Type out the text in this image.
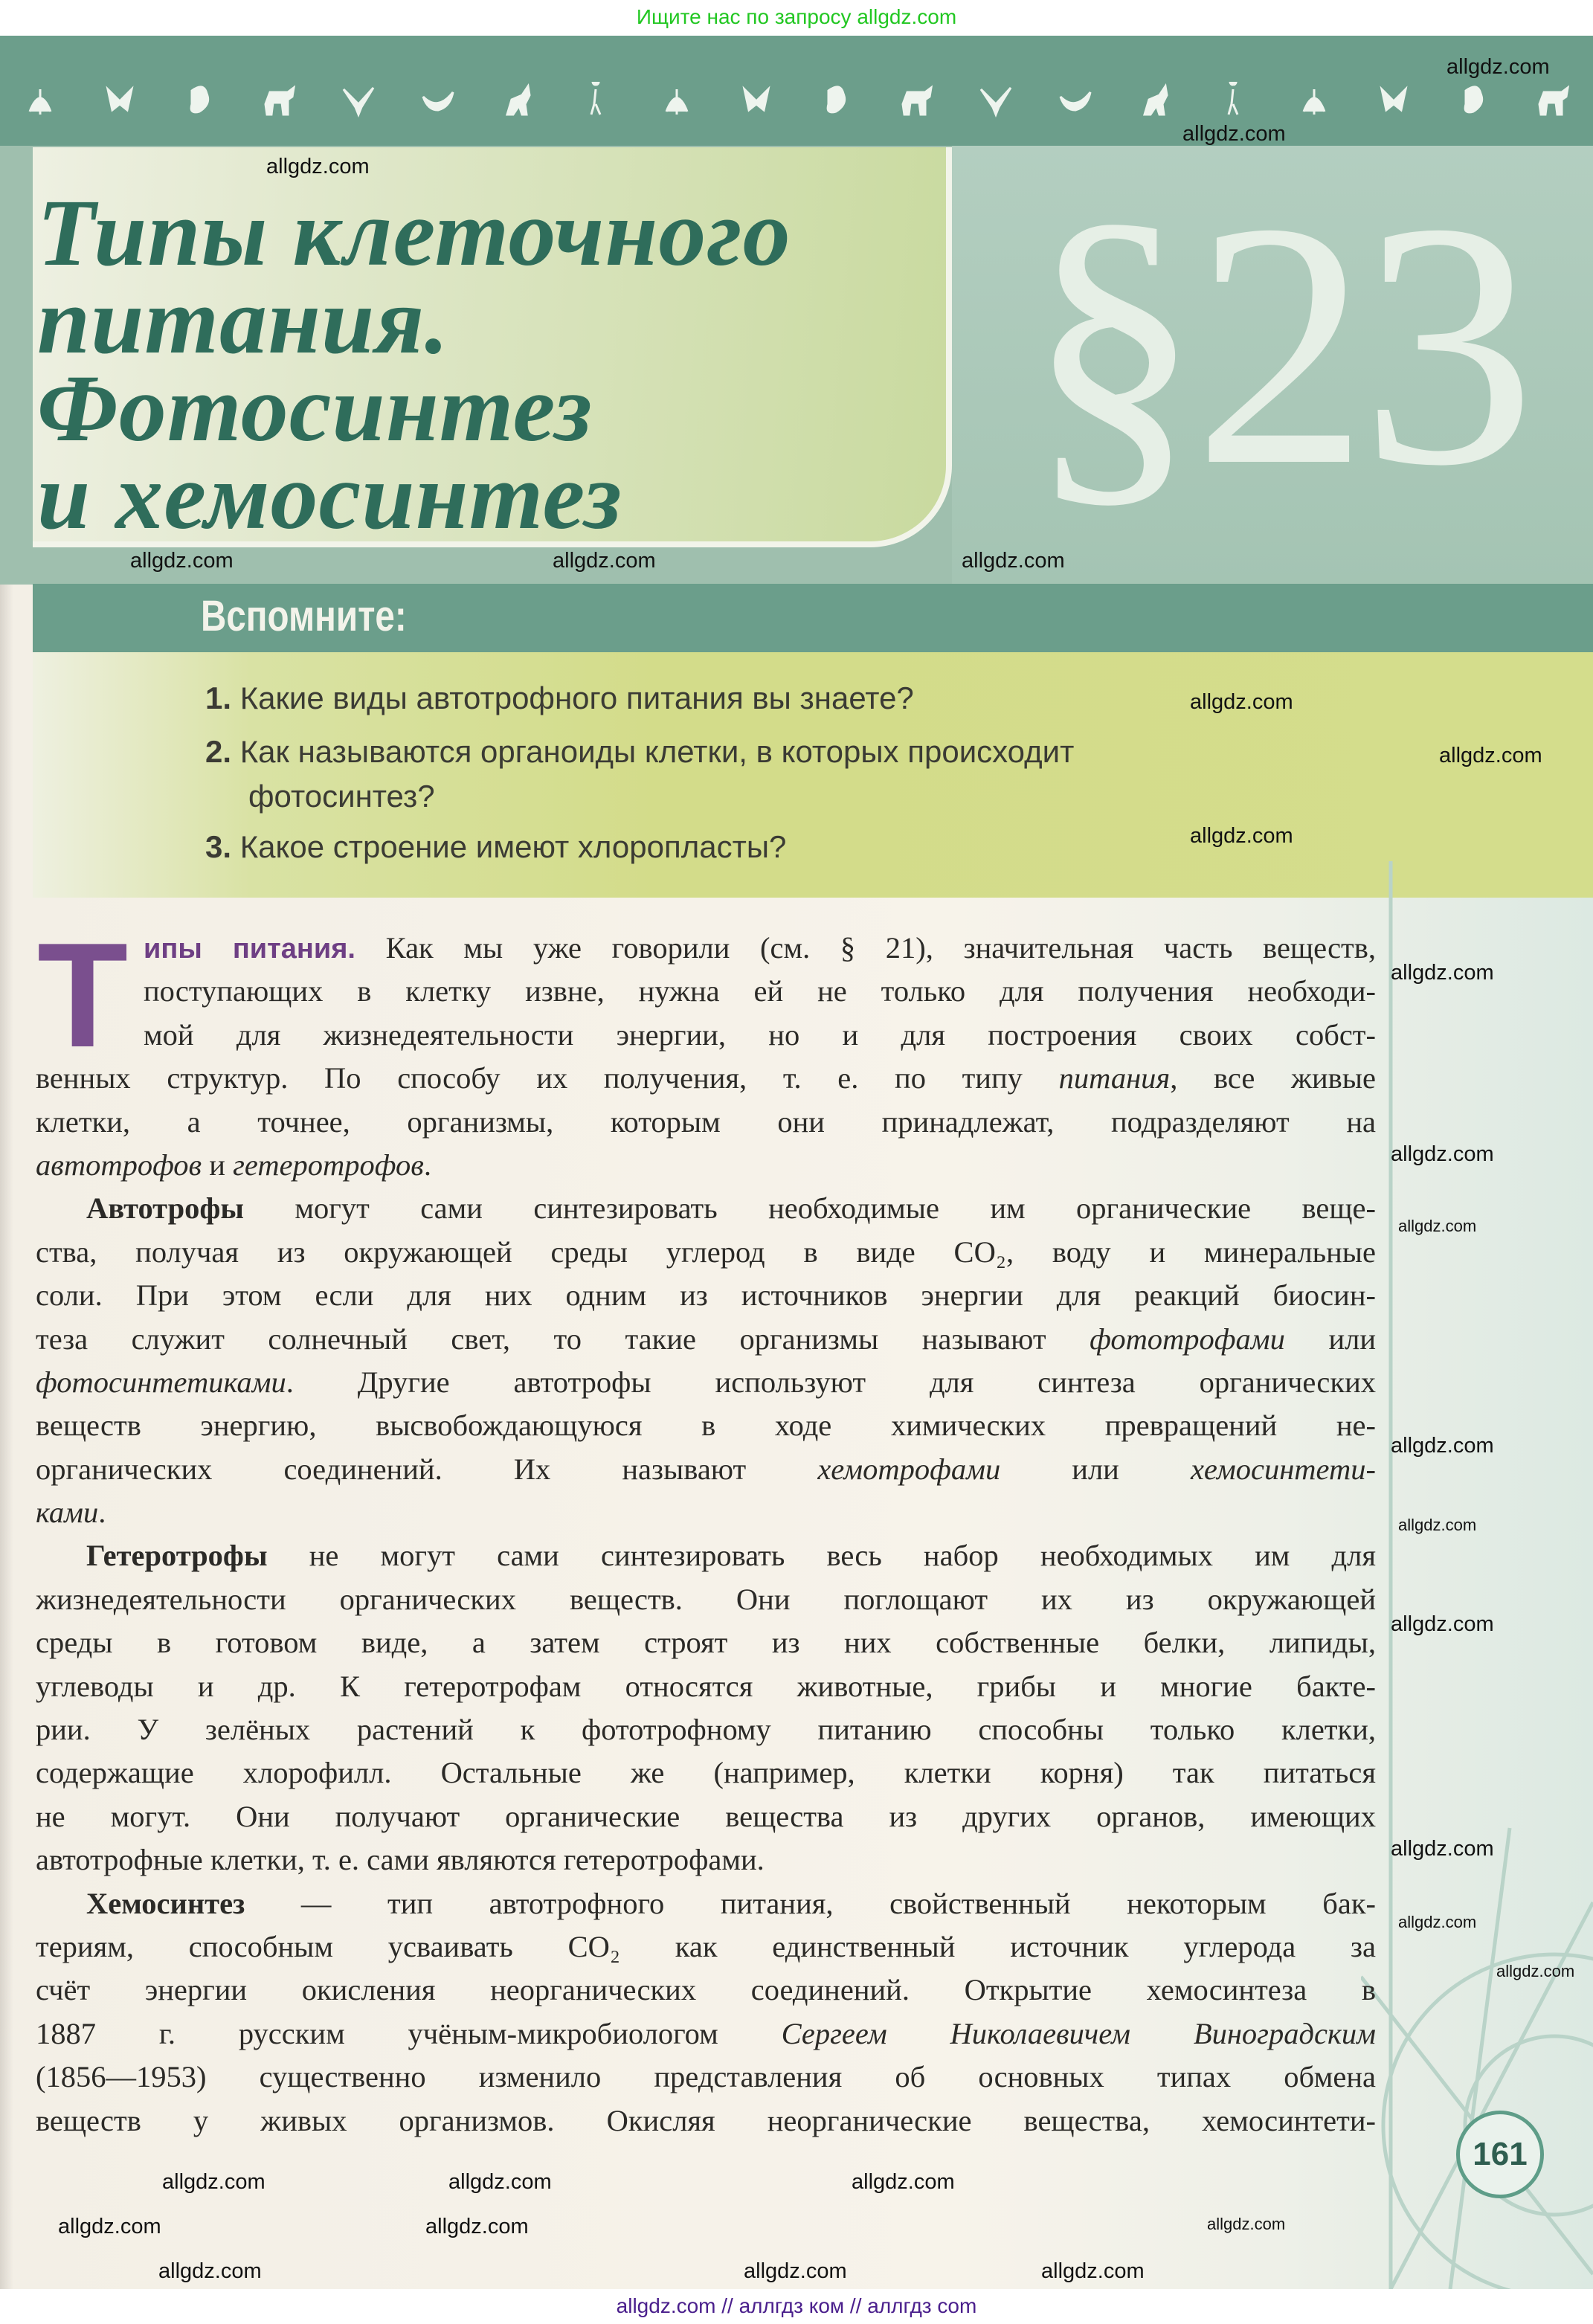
Ищите нас по запросу allgdz.com
§23
Типы клеточного
питания.
Фотосинтез
и хемосинтез
Вспомните:
1. Какие виды автотрофного питания вы знаете?
2. Как называются органоиды клетки, в которых происходит
фотосинтез?
3. Какое строение имеют хлоропласты?
Т ипы питания. Как мы уже говорили (см. § 21), значительная часть веществ,
поступающих в клетку извне, нужна ей не только для получения необходи-
мой для жизнедеятельности энергии, но и для построения своих собст-
венных структур. По способу их получения, т. е. по типу питания, все живые
клетки, а точнее, организмы, которым они принадлежат, подразделяют на
автотрофов и гетеротрофов.
Автотрофы могут сами синтезировать необходимые им органические веще-
ства, получая из окружающей среды углерод в виде CO₂, воду и минеральные
соли. При этом если для них одним из источников энергии для реакций биосин-
теза служит солнечный свет, то такие организмы называют фототрофами или
фотосинтетиками. Другие автотрофы используют для синтеза органических
веществ энергию, высвобождающуюся в ходе химических превращений не-
органических соединений. Их называют хемотрофами или хемосинтети-
ками.
Гетеротрофы не могут сами синтезировать весь набор необходимых им для
жизнедеятельности органических веществ. Они поглощают их из окружающей
среды в готовом виде, а затем строят из них собственные белки, липиды,
углеводы и др. К гетеротрофам относятся животные, грибы и многие бакте-
рии. У зелёных растений к фототрофному питанию способны только клетки,
содержащие хлорофилл. Остальные же (например, клетки корня) так питаться
не могут. Они получают органические вещества из других органов, имеющих
автотрофные клетки, т. е. сами являются гетеротрофами.
Хемосинтез — тип автотрофного питания, свойственный некоторым бак-
териям, способным усваивать CO₂ как единственный источник углерода за
счёт энергии окисления неорганических соединений. Открытие хемосинтеза в
1887 г. русским учёным-микробиологом Сергеем Николаевичем Виноградским
(1856—1953) существенно изменило представления об основных типах обмена
веществ у живых организмов. Окисляя неорганические вещества, хемосинтети-
161
allgdz.com
allgdz.com
allgdz.com	allgdz.com
allgdz.com
allgdz.com
allgdz.com
allgdz.com
allgdz.com
allgdz.com
allgdz.com
allgdz.com
allgdz.com
allgdz.com
allgdz.com
allgdz.com
allgdz.com
allgdz.com
allgdz.com
allgdz.com
allgdz.com
allgdz.com
allgdz.com
allgdz.com
allgdz.com
allgdz.com
allgdz.com
allgdz.com // аллгдз ком // аллгдз com
